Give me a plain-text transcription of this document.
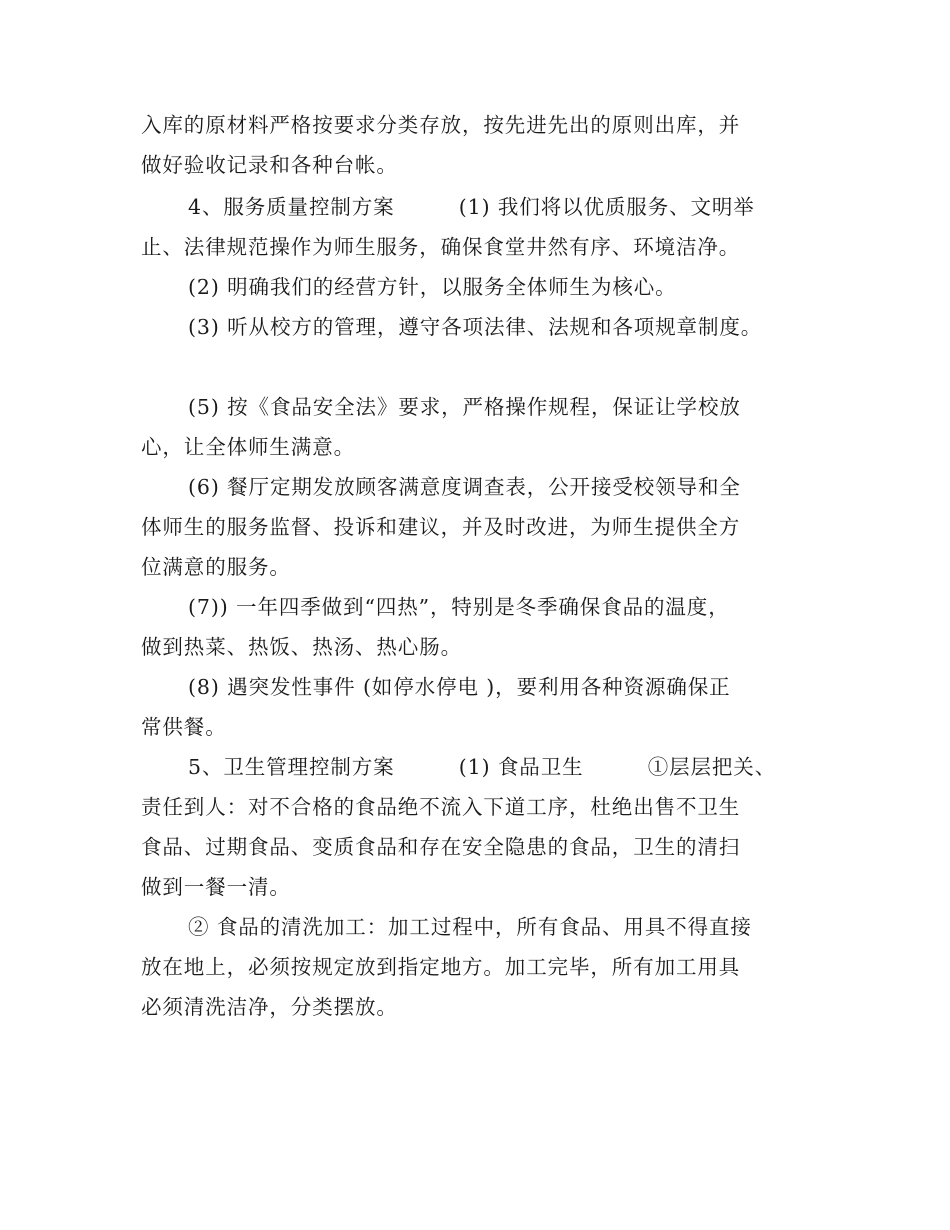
入库的原材料严格按要求分类存放，按先进先出的原则出库，并
做好验收记录和各种台帐。
4、服务质量控制方案　　　(1) 我们将以优质服务、文明举
止、法律规范操作为师生服务，确保食堂井然有序、环境洁净。
(2) 明确我们的经营方针，以服务全体师生为核心。
(3) 听从校方的管理，遵守各项法律、法规和各项规章制度。
(5) 按《食品安全法》要求，严格操作规程，保证让学校放
心，让全体师生满意。
(6) 餐厅定期发放顾客满意度调查表，公开接受校领导和全
体师生的服务监督、投诉和建议，并及时改进，为师生提供全方
位满意的服务。
(7)) 一年四季做到“四热”，特别是冬季确保食品的温度，
做到热菜、热饭、热汤、热心肠。
(8) 遇突发性事件 (如停水停电 )，要利用各种资源确保正
常供餐。
5、卫生管理控制方案　　　(1) 食品卫生　　　①层层把关、
责任到人：对不合格的食品绝不流入下道工序，杜绝出售不卫生
食品、过期食品、变质食品和存在安全隐患的食品，卫生的清扫
做到一餐一清。
② 食品的清洗加工：加工过程中，所有食品、用具不得直接
放在地上，必须按规定放到指定地方。加工完毕，所有加工用具
必须清洗洁净，分类摆放。
